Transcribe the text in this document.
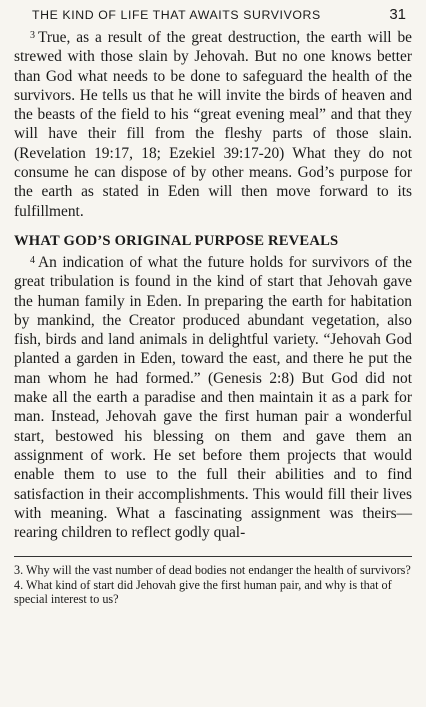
THE KIND OF LIFE THAT AWAITS SURVIVORS	31

$^3$ True, as a result of the great destruction, the earth will be strewed with those slain by Jehovah. But no one knows better than God what needs to be done to safeguard the health of the survivors. He tells us that he will invite the birds of heaven and the beasts of the field to his “great evening meal” and that they will have their fill from the fleshy parts of those slain. (Revelation 19:17, 18; Ezekiel 39:17-20) What they do not consume he can dispose of by other means. God’s purpose for the earth as stated in Eden will then move forward to its fulfillment.

WHAT GOD’S ORIGINAL PURPOSE REVEALS

$^4$ An indication of what the future holds for survivors of the great tribulation is found in the kind of start that Jehovah gave the human family in Eden. In preparing the earth for habitation by mankind, the Creator produced abundant vegetation, also fish, birds and land animals in delightful variety. “Jehovah God planted a garden in Eden, toward the east, and there he put the man whom he had formed.” (Genesis 2:8) But God did not make all the earth a paradise and then maintain it as a park for man. Instead, Jehovah gave the first human pair a wonderful start, bestowed his blessing on them and gave them an assignment of work. He set before them projects that would enable them to use to the full their abilities and to find satisfaction in their accomplishments. This would fill their lives with meaning. What a fascinating assignment was theirs—rearing children to reflect godly qual-

3. Why will the vast number of dead bodies not endanger the health of survivors?

4. What kind of start did Jehovah give the first human pair, and why is that of special interest to us?
